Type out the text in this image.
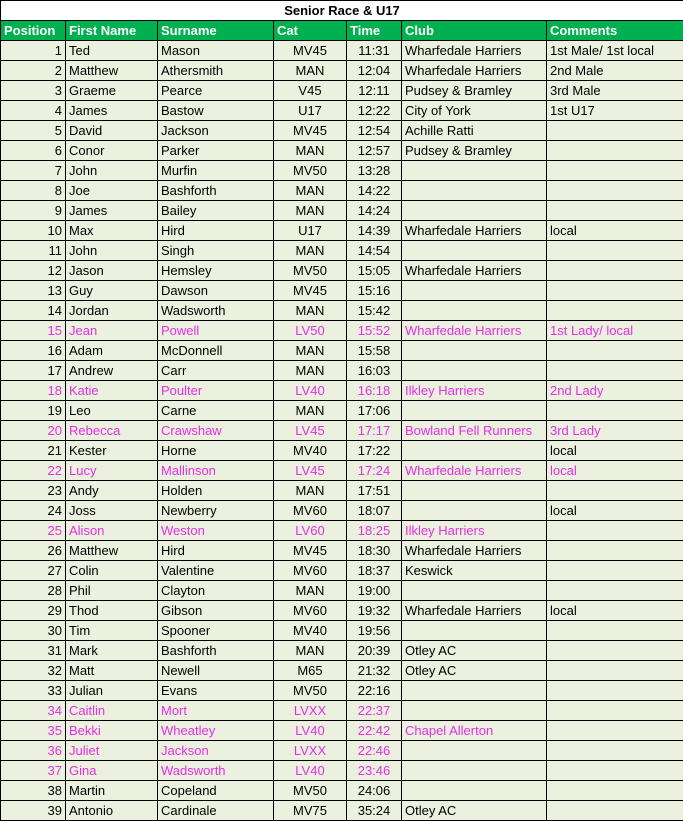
Senior Race & U17						
Position	First Name	Surname	Cat	Time	Club	Comments
1	Ted	Mason	MV45	11:31	Wharfedale Harriers	1st Male/ 1st local
2	Matthew	Athersmith	MAN	12:04	Wharfedale Harriers	2nd Male
3	Graeme	Pearce	V45	12:11	Pudsey & Bramley	3rd Male
4	James	Bastow	U17	12:22	City of York	1st U17
5	David	Jackson	MV45	12:54	Achille Ratti	
6	Conor	Parker	MAN	12:57	Pudsey & Bramley	
7	John	Murfin	MV50	13:28		
8	Joe	Bashforth	MAN	14:22		
9	James	Bailey	MAN	14:24		
10	Max	Hird	U17	14:39	Wharfedale Harriers	local
11	John	Singh	MAN	14:54		
12	Jason	Hemsley	MV50	15:05	Wharfedale Harriers	
13	Guy	Dawson	MV45	15:16		
14	Jordan	Wadsworth	MAN	15:42		
15	Jean	Powell	LV50	15:52	Wharfedale Harriers	1st Lady/ local
16	Adam	McDonnell	MAN	15:58		
17	Andrew	Carr	MAN	16:03		
18	Katie	Poulter	LV40	16:18	Ilkley Harriers	2nd Lady
19	Leo	Carne	MAN	17:06		
20	Rebecca	Crawshaw	LV45	17:17	Bowland Fell Runners	3rd Lady
21	Kester	Horne	MV40	17:22		local
22	Lucy	Mallinson	LV45	17:24	Wharfedale Harriers	local
23	Andy	Holden	MAN	17:51		
24	Joss	Newberry	MV60	18:07		local
25	Alison	Weston	LV60	18:25	Ilkley Harriers	
26	Matthew	Hird	MV45	18:30	Wharfedale Harriers	
27	Colin	Valentine	MV60	18:37	Keswick	
28	Phil	Clayton	MAN	19:00		
29	Thod	Gibson	MV60	19:32	Wharfedale Harriers	local
30	Tim	Spooner	MV40	19:56		
31	Mark	Bashforth	MAN	20:39	Otley AC	
32	Matt	Newell	M65	21:32	Otley AC	
33	Julian	Evans	MV50	22:16		
34	Caitlin	Mort	LVXX	22:37		
35	Bekki	Wheatley	LV40	22:42	Chapel Allerton	
36	Juliet	Jackson	LVXX	22:46		
37	Gina	Wadsworth	LV40	23:46		
38	Martin	Copeland	MV50	24:06		
39	Antonio	Cardinale	MV75	35:24	Otley AC	
